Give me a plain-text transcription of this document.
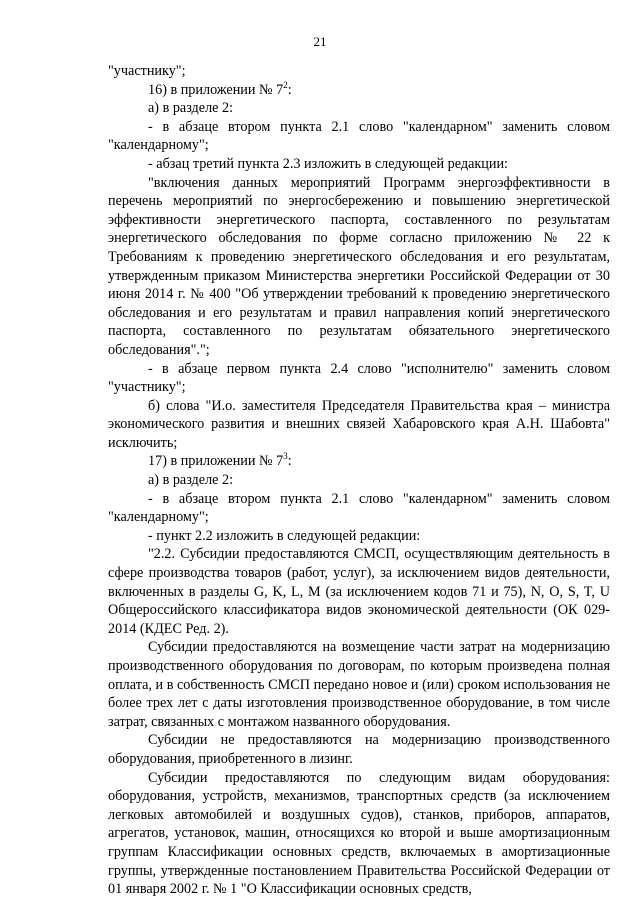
21

"участнику";

16) в приложении № $7^2$:

а) в разделе 2:

- в абзаце втором пункта 2.1 слово "календарном" заменить словом "календарному";

- абзац третий пункта 2.3 изложить в следующей редакции:

"включения данных мероприятий Программ энергоэффективности в перечень мероприятий по энергосбережению и повышению энергетической эффективности энергетического паспорта, составленного по результатам энергетического обследования по форме согласно приложению № 22 к Требованиям к проведению энергетического обследования и его результатам, утвержденным приказом Министерства энергетики Российской Федерации от 30 июня 2014 г. № 400 "Об утверждении требований к проведению энергетического обследования и его результатам и правил направления копий энергетического паспорта, составленного по результатам обязательного энергетического обследования".";

- в абзаце первом пункта 2.4 слово "исполнителю" заменить словом "участнику";

б) слова "И.о. заместителя Председателя Правительства края – министра экономического развития и внешних связей Хабаровского края А.Н. Шабовта" исключить;

17) в приложении № $7^3$:

а) в разделе 2:

- в абзаце втором пункта 2.1 слово "календарном" заменить словом "календарному";

- пункт 2.2 изложить в следующей редакции:

"2.2. Субсидии предоставляются СМСП, осуществляющим деятельность в сфере производства товаров (работ, услуг), за исключением видов деятельности, включенных в разделы G, K, L, M (за исключением кодов 71 и 75), N, O, S, T, U Общероссийского классификатора видов экономической деятельности (ОК 029-2014 (КДЕС Ред. 2).

Субсидии предоставляются на возмещение части затрат на модернизацию производственного оборудования по договорам, по которым произведена полная оплата, и в собственность СМСП передано новое и (или) сроком использования не более трех лет с даты изготовления производственное оборудование, в том числе затрат, связанных с монтажом названного оборудования.

Субсидии не предоставляются на модернизацию производственного оборудования, приобретенного в лизинг.

Субсидии предоставляются по следующим видам оборудования: оборудования, устройств, механизмов, транспортных средств (за исключением легковых автомобилей и воздушных судов), станков, приборов, аппаратов, агрегатов, установок, машин, относящихся ко второй и выше амортизационным группам Классификации основных средств, включаемых в амортизационные группы, утвержденные постановлением Правительства Российской Федерации от 01 января 2002 г. № 1 "О Классификации основных средств,
